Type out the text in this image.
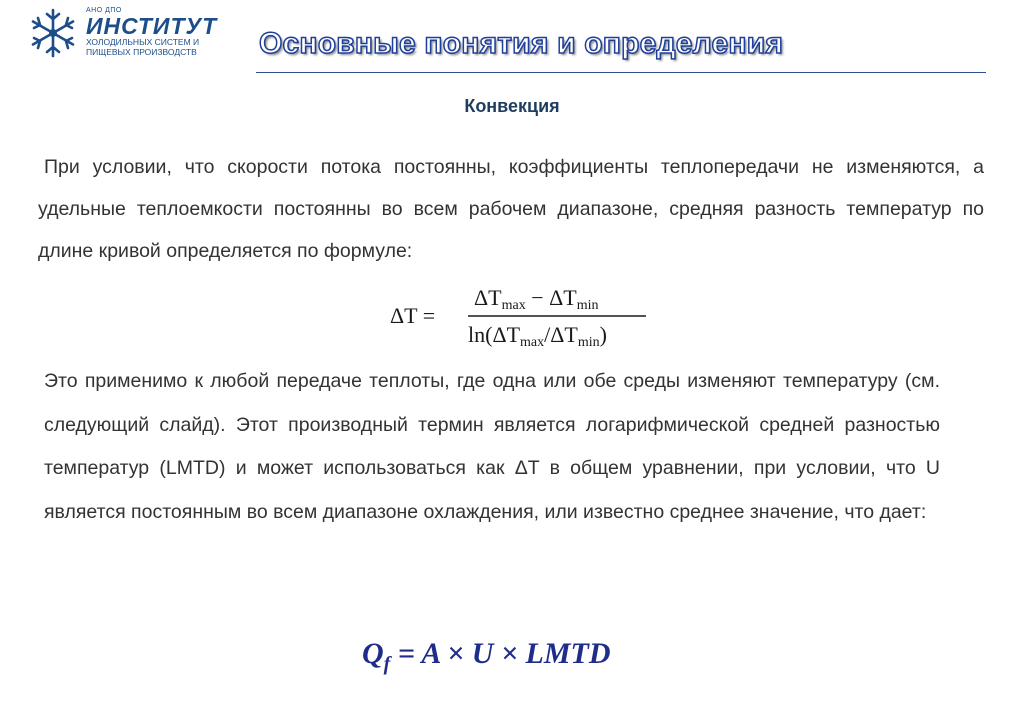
АНО ДПО
ИНСТИТУТ
ХОЛОДИЛЬНЫХ СИСТЕМ И
ПИЩЕВЫХ ПРОИЗВОДСТВ	Основные понятия и определения
Конвекция

При условии, что скорости потока постоянны, коэффициенты теплопередачи не изменяются, а удельные теплоемкости постоянны во всем рабочем диапазоне, средняя разность температур по длине кривой определяется по формуле:

ΔT =
ΔTmax − ΔTmin
ln(ΔTmax/ΔTmin)

Это применимо к любой передаче теплоты, где одна или обе среды изменяют температуру (см. следующий слайд). Этот производный термин является логарифмической средней разностью температур (LMTD) и может использоваться как ΔT в общем уравнении, при условии, что U является постоянным во всем диапазоне охлаждения, или известно среднее значение, что дает:

$Q_f = A \times U$ × LMTD
